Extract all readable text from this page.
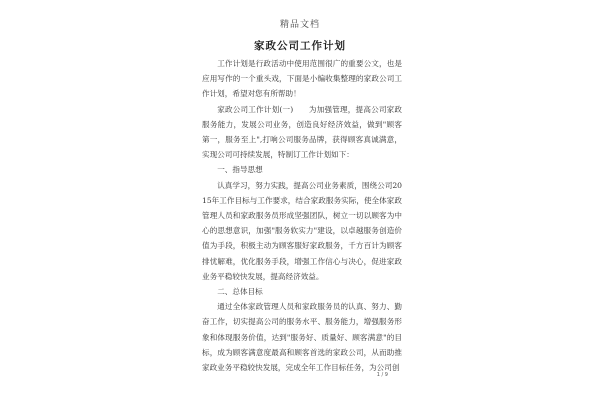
精品文档
家政公司工作计划

工作计划是行政活动中使用范围很广的重要公文，也是应用写作的一个重头戏，下面是小编收集整理的家政公司工作计划，希望对您有所帮助！

家政公司工作计划(一)　　为加强管理，提高公司家政服务能力，发展公司业务，创造良好经济效益，做到"顾客第一，服务至上",打响公司服务品牌，获得顾客真诚满意，实现公司可持续发展，特制订工作计划如下：

一、指导思想

认真学习，努力实践，提高公司业务素质，围绕公司2015年工作目标与工作要求，结合家政服务实际，使全体家政管理人员和家政服务员形成坚强团队，树立一切以顾客为中心的思想意识，加强"服务软实力"建设，以卓越服务创造价值为手段，积极主动为顾客服好家政服务，千方百计为顾客排忧解难，优化服务手段，增强工作信心与决心，促进家政业务平稳较快发展，提高经济效益。

二、总体目标

通过全体家政管理人员和家政服务员的认真、努力、勤奋工作，切实提高公司的服务水平、服务能力，增强服务形象和体现服务价值，达到"服务好、质量好、顾客满意"的目标，成为顾客满意度最高和顾客首选的家政公司，从而助推家政业务平稳较快发展，完成全年工作目标任务，为公司创

1 / 9
